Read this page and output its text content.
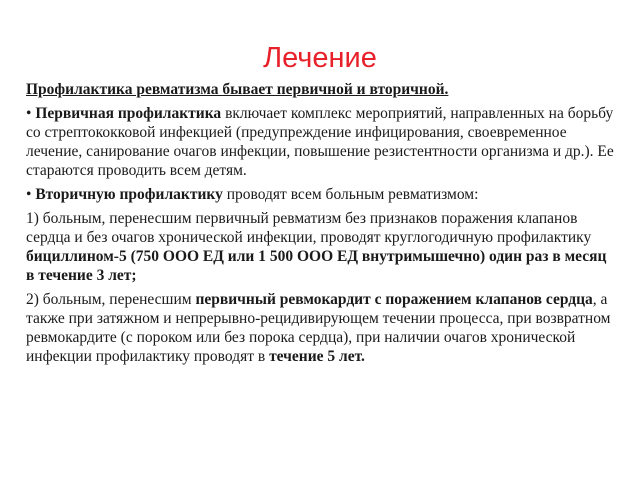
Лечение

Профилактика ревматизма бывает первичной и вторичной.

• Первичная профилактика включает комплекс мероприятий, направленных на борьбу со стрептококковой инфекцией (предупреждение инфицирования, своевременное лечение, санирование очагов инфекции, повышение резистентности организма и др.). Ее стараются проводить всем детям.

• Вторичную профилактику проводят всем больным ревматизмом:

1) больным, перенесшим первичный ревматизм без признаков поражения клапанов сердца и без очагов хронической инфекции, проводят круглогодичную профилактику бициллином-5 (750 ООО ЕД или 1 500 ООО ЕД внутримышечно) один раз в месяц в течение 3 лет;

2) больным, перенесшим первичный ревмокардит с поражением клапанов сердца, а также при затяжном и непрерывно-рецидивирующем течении процесса, при возвратном ревмокардите (с пороком или без порока сердца), при наличии очагов хронической инфекции профилактику проводят в течение 5 лет.
